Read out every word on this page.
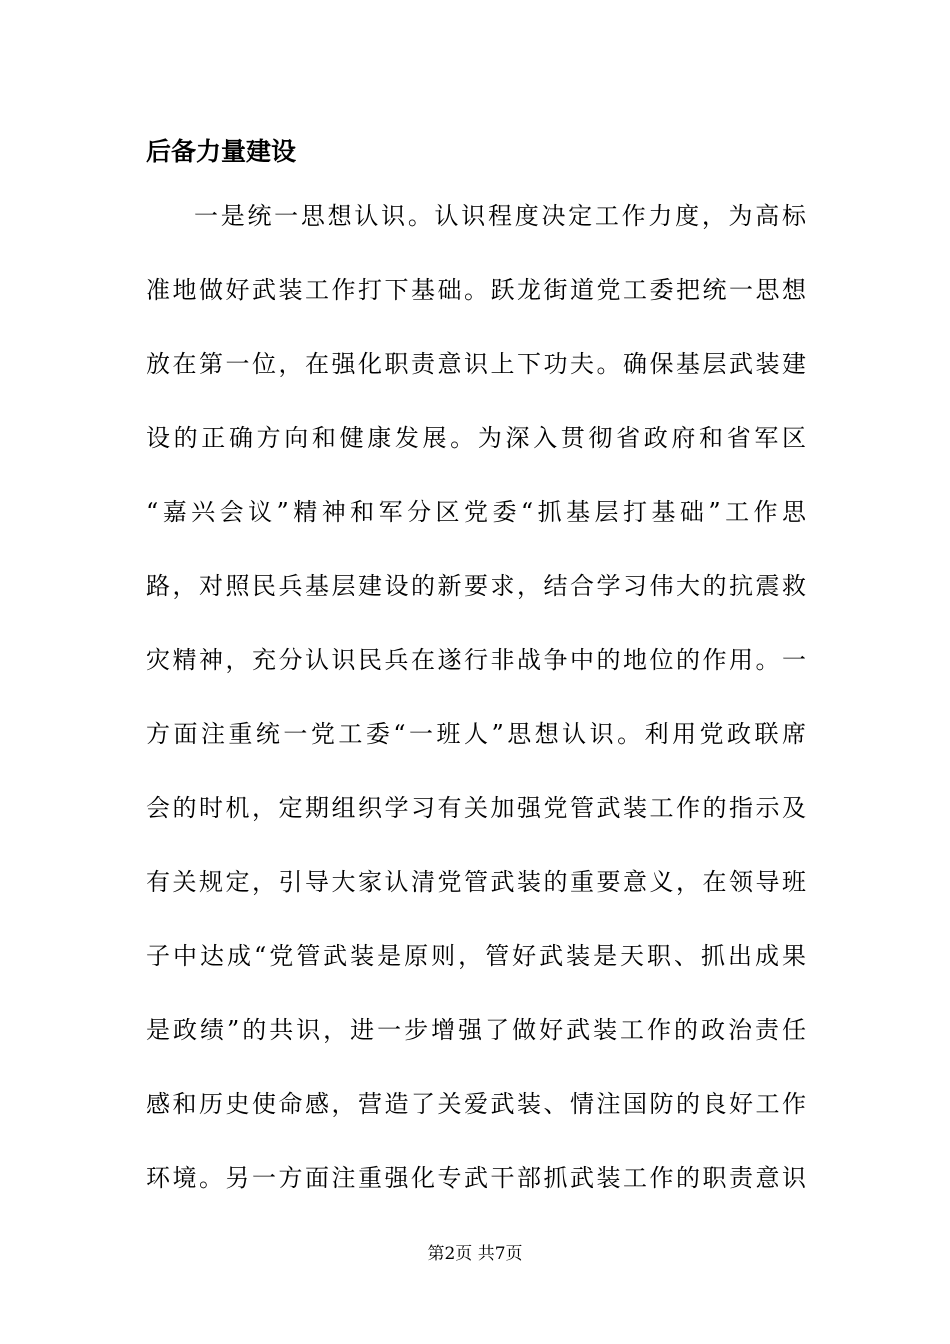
后备力量建设
一是统一思想认识。认识程度决定工作力度，为高标
准地做好武装工作打下基础。跃龙街道党工委把统一思想
放在第一位，在强化职责意识上下功夫。确保基层武装建
设的正确方向和健康发展。为深入贯彻省政府和省军区
“嘉兴会议”精神和军分区党委“抓基层打基础”工作思
路，对照民兵基层建设的新要求，结合学习伟大的抗震救
灾精神，充分认识民兵在遂行非战争中的地位的作用。一
方面注重统一党工委“一班人”思想认识。利用党政联席
会的时机，定期组织学习有关加强党管武装工作的指示及
有关规定，引导大家认清党管武装的重要意义，在领导班
子中达成“党管武装是原则，管好武装是天职、抓出成果
是政绩”的共识，进一步增强了做好武装工作的政治责任
感和历史使命感，营造了关爱武装、情注国防的良好工作
环境。另一方面注重强化专武干部抓武装工作的职责意识
第2页 共7页
